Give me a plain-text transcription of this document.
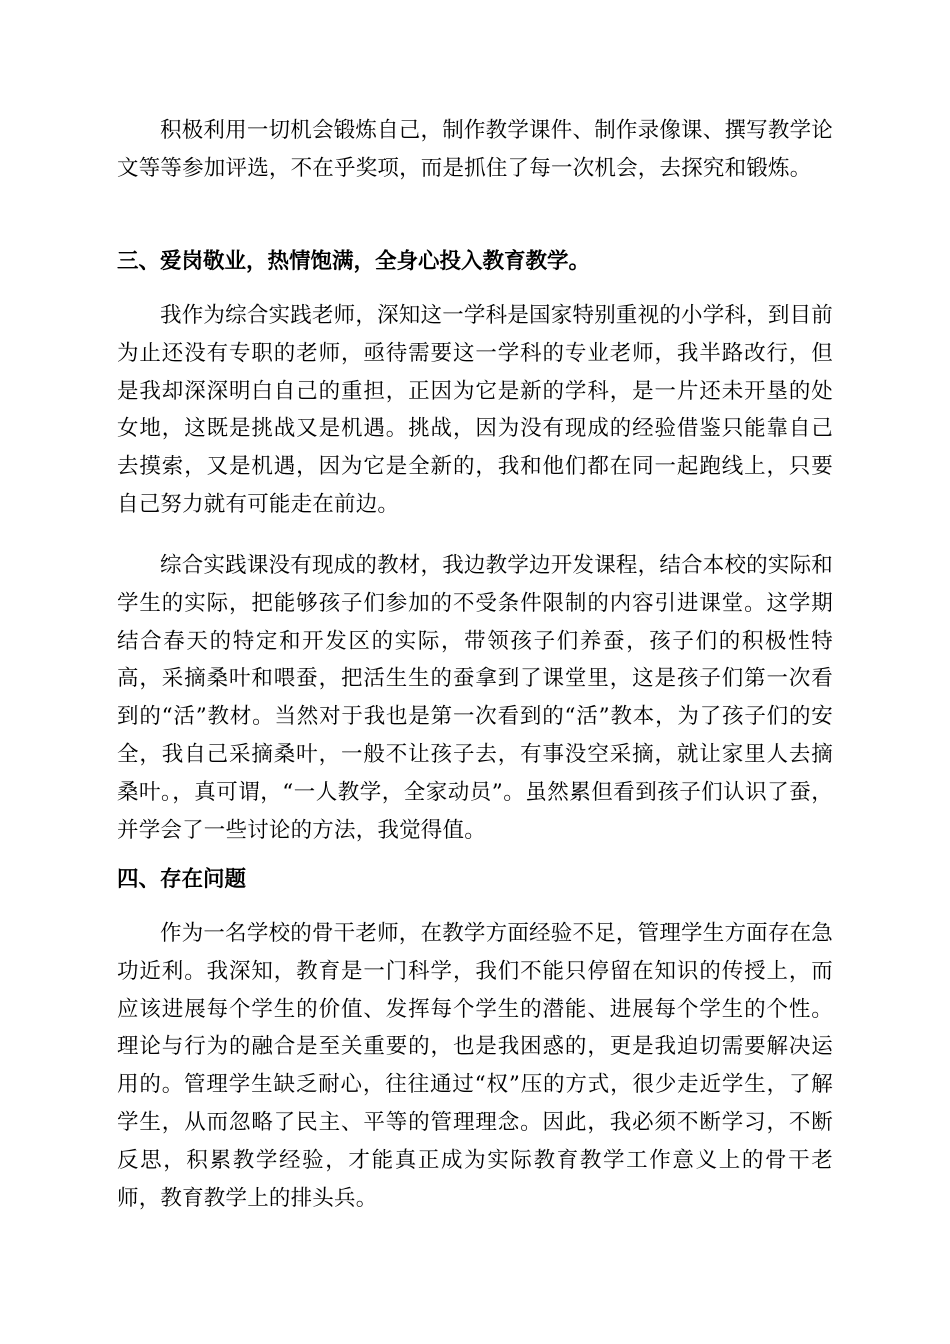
积极利用一切机会锻炼自己，制作教学课件、制作录像课、撰写教学论文等等参加评选，不在乎奖项，而是抓住了每一次机会，去探究和锻炼。

三、爱岗敬业，热情饱满，全身心投入教育教学。

我作为综合实践老师，深知这一学科是国家特别重视的小学科，到目前为止还没有专职的老师，亟待需要这一学科的专业老师，我半路改行，但是我却深深明白自己的重担，正因为它是新的学科，是一片还未开垦的处女地，这既是挑战又是机遇。挑战，因为没有现成的经验借鉴只能靠自己去摸索，又是机遇，因为它是全新的，我和他们都在同一起跑线上，只要自己努力就有可能走在前边。

综合实践课没有现成的教材，我边教学边开发课程，结合本校的实际和学生的实际，把能够孩子们参加的不受条件限制的内容引进课堂。这学期结合春天的特定和开发区的实际，带领孩子们养蚕，孩子们的积极性特高，采摘桑叶和喂蚕，把活生生的蚕拿到了课堂里，这是孩子们第一次看到的“活”教材。当然对于我也是第一次看到的“活”教本，为了孩子们的安全，我自己采摘桑叶，一般不让孩子去，有事没空采摘，就让家里人去摘桑叶。，真可谓，“一人教学，全家动员”。虽然累但看到孩子们认识了蚕，并学会了一些讨论的方法，我觉得值。

四、存在问题

作为一名学校的骨干老师，在教学方面经验不足，管理学生方面存在急功近利。我深知，教育是一门科学，我们不能只停留在知识的传授上，而应该进展每个学生的价值、发挥每个学生的潜能、进展每个学生的个性。理论与行为的融合是至关重要的，也是我困惑的，更是我迫切需要解决运用的。管理学生缺乏耐心，往往通过“权”压的方式，很少走近学生，了解学生，从而忽略了民主、平等的管理理念。因此，我必须不断学习，不断反思，积累教学经验，才能真正成为实际教育教学工作意义上的骨干老师，教育教学上的排头兵。
